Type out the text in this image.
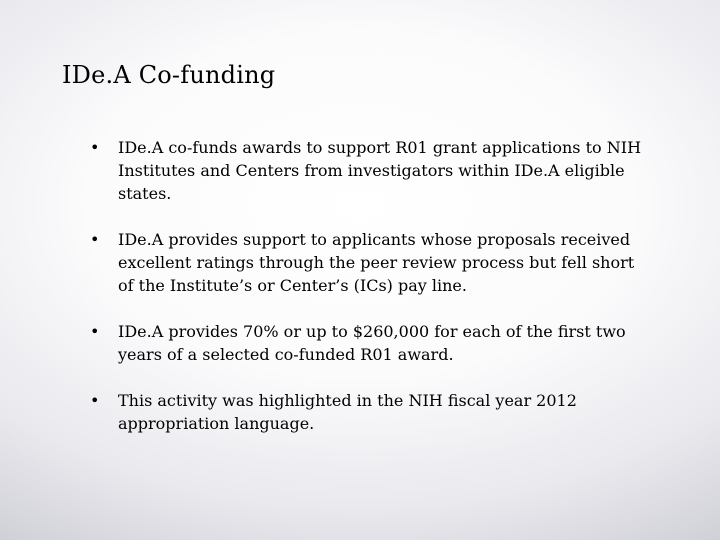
IDe.A Co-funding
• IDe.A co-funds awards to support R01 grant applications to NIH Institutes and Centers from investigators within IDe.A eligible states.
• IDe.A provides support to applicants whose proposals received excellent ratings through the peer review process but fell short of the Institute’s or Center’s (ICs) pay line.
• IDe.A provides 70% or up to $260,000 for each of the first two years of a selected co-funded R01 award.
• This activity was highlighted in the NIH fiscal year 2012 appropriation language.
